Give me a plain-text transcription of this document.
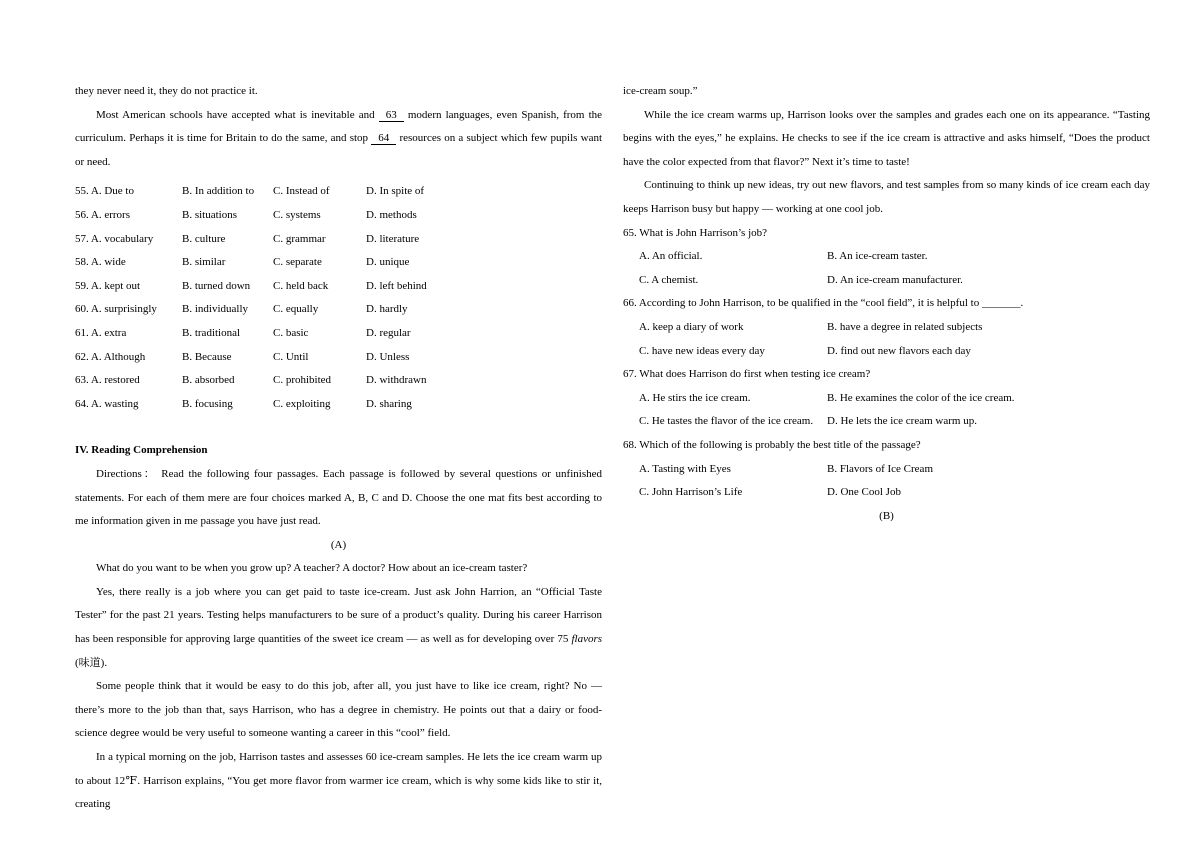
they never need it, they do not practice it.

Most American schools have accepted what is inevitable and 63 modern languages, even Spanish, from the curriculum. Perhaps it is time for Britain to do the same, and stop 64 resources on a subject which few pupils want or need.

55. A. Due to	B. In addition to	C. Instead of	D. In spite of
56. A. errors	B. situations	C. systems	D. methods
57. A. vocabulary	B. culture	C. grammar	D. literature
58. A. wide	B. similar	C. separate	D. unique
59. A. kept out	B. turned down	C. held back	D. left behind
60. A. surprisingly	B. individually	C. equally	D. hardly
61. A. extra	B. traditional	C. basic	D. regular
62. A. Although	B. Because	C. Until	D. Unless
63. A. restored	B. absorbed	C. prohibited	D. withdrawn
64. A. wasting	B. focusing	C. exploiting	D. sharing

IV. Reading Comprehension

Directions： Read the following four passages. Each passage is followed by several questions or unfinished statements. For each of them mere are four choices marked A, B, C and D. Choose the one mat fits best according to me information given in me passage you have just read.

(A)

What do you want to be when you grow up? A teacher? A doctor? How about an ice-cream taster?

Yes, there really is a job where you can get paid to taste ice-cream. Just ask John Harrion, an “Official Taste Tester” for the past 21 years. Testing helps manufacturers to be sure of a product’s quality. During his career Harrison has been responsible for approving large quantities of the sweet ice cream — as well as for developing over 75 flavors (味道).

Some people think that it would be easy to do this job, after all, you just have to like ice cream, right? No — there’s more to the job than that, says Harrison, who has a degree in chemistry. He points out that a dairy or food-science degree would be very useful to someone wanting a career in this “cool” field.

In a typical morning on the job, Harrison tastes and assesses 60 ice-cream samples. He lets the ice cream warm up to about 12℉. Harrison explains, “You get more flavor from warmer ice cream, which is why some kids like to stir it, creating

ice-cream soup.”

While the ice cream warms up, Harrison looks over the samples and grades each one on its appearance. “Tasting begins with the eyes,” he explains. He checks to see if the ice cream is attractive and asks himself, “Does the product have the color expected from that flavor?” Next it’s time to taste!

Continuing to think up new ideas, try out new flavors, and test samples from so many kinds of ice cream each day keeps Harrison busy but happy — working at one cool job.

65. What is John Harrison’s job?

A. An official.	B. An ice-cream taster.
C. A chemist.	D. An ice-cream manufacturer.

66. According to John Harrison, to be qualified in the “cool field”, it is helpful to _______.

A. keep a diary of work	B. have a degree in related subjects
C. have new ideas every day	D. find out new flavors each day

67. What does Harrison do first when testing ice cream?

A. He stirs the ice cream.	B. He examines the color of the ice cream.
C. He tastes the flavor of the ice cream.	D. He lets the ice cream warm up.

68. Which of the following is probably the best title of the passage?

A. Tasting with Eyes	B. Flavors of Ice Cream
C. John Harrison’s Life	D. One Cool Job

(B)
